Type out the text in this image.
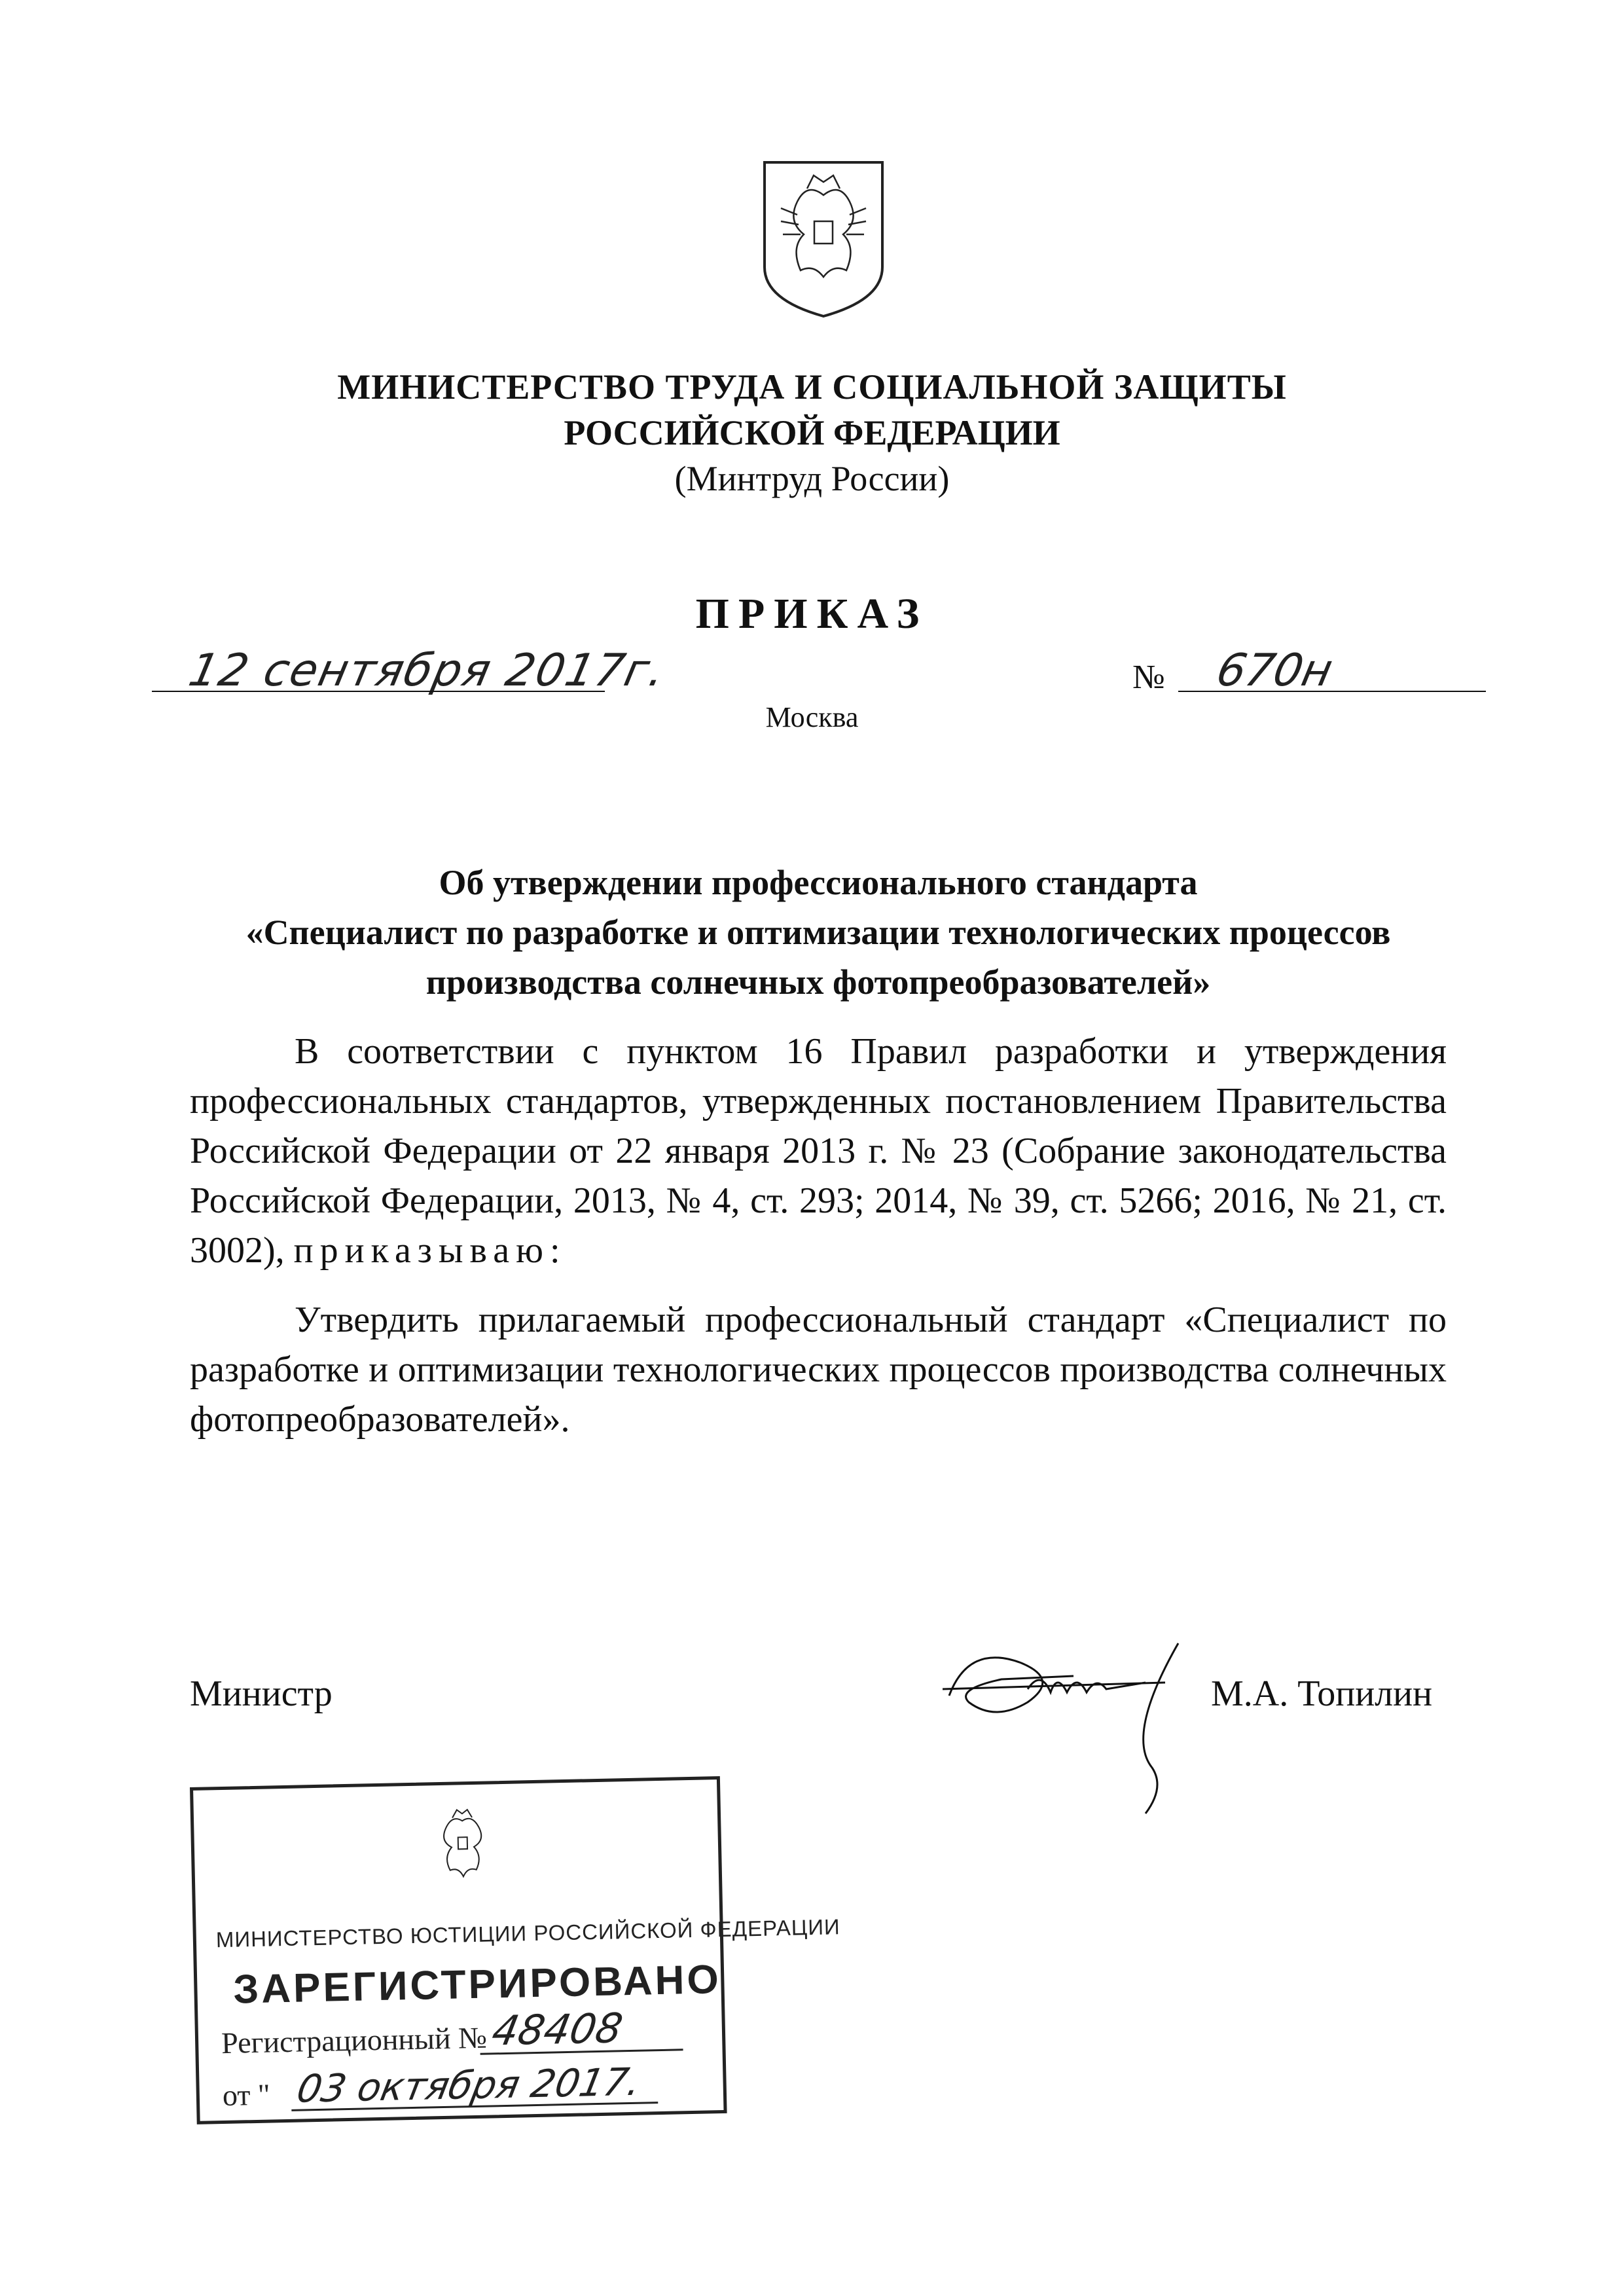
МИНИСТЕРСТВО ТРУДА И СОЦИАЛЬНОЙ ЗАЩИТЫ
РОССИЙСКОЙ ФЕДЕРАЦИИ
(Минтруд России)
ПРИКАЗ
12 сентября 2017г.	№ 670н
Москва
Об утверждении профессионального стандарта
«Специалист по разработке и оптимизации технологических процессов
производства солнечных фотопреобразователей»
В соответствии с пунктом 16 Правил разработки и утверждения профессиональных стандартов, утвержденных постановлением Правительства Российской Федерации от 22 января 2013 г. № 23 (Собрание законодательства Российской Федерации, 2013, № 4, ст. 293; 2014, № 39, ст. 5266; 2016, № 21, ст. 3002), приказываю:
Утвердить прилагаемый профессиональный стандарт «Специалист по разработке и оптимизации технологических процессов производства солнечных фотопреобразователей».
Министр	М.А. Топилин
МИНИСТЕРСТВО ЮСТИЦИИ РОССИЙСКОЙ ФЕДЕРАЦИИ
ЗАРЕГИСТРИРОВАНО
Регистрационный № 48408
от " 03 октября 2017.
